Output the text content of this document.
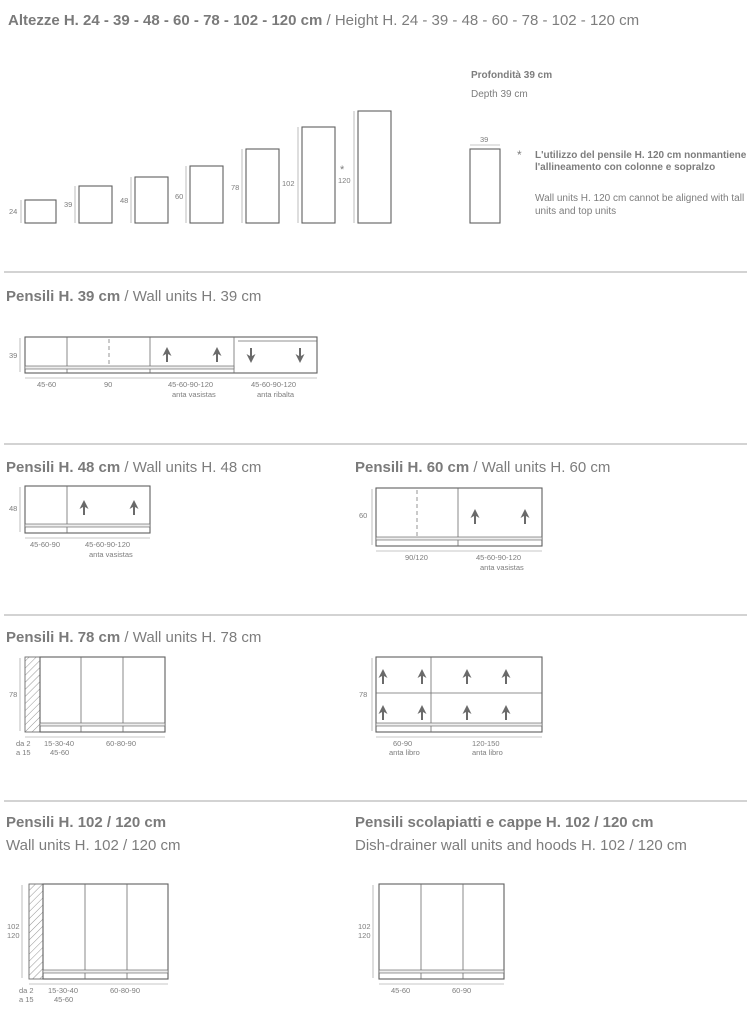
Altezze H. 24 - 39 - 48 - 60 - 78 - 102 - 120 cm / Height H. 24 - 39 - 48 - 60 - 78 - 102 - 120 cm
24
39	48	60
78	102
*
120
Profondità 39 cm
Depth 39 cm
39
* L'utilizzo del pensile H. 120 cm nonmantiene
l'allineamento con colonne e sopralzo
Wall units H. 120 cm cannot be aligned with tall
units and top units
Pensili H. 39 cm / Wall units H. 39 cm
39
45-60	90	45-60-90-120
anta vasistas
45-60-90-120
anta ribalta
Pensili H. 48 cm / Wall units H. 48 cm
48
45-60-90	45-60-90-120
anta vasistas
Pensili H. 60 cm / Wall units H. 60 cm
60
90/120	45-60-90-120
anta vasistas
Pensili H. 78 cm / Wall units H. 78 cm
78
da 2
a 15
15-30-40
45-60
60-80-90
78
60-90
anta libro
120-150
anta libro
Pensili H. 102 / 120 cm
Wall units H. 102 / 120 cm
102
120
da 2
a 15
15-30-40
45-60
60-80-90
Pensili scolapiatti e cappe H. 102 / 120 cm
Dish-drainer wall units and hoods H. 102 / 120 cm
102
120
45-60	60-90
